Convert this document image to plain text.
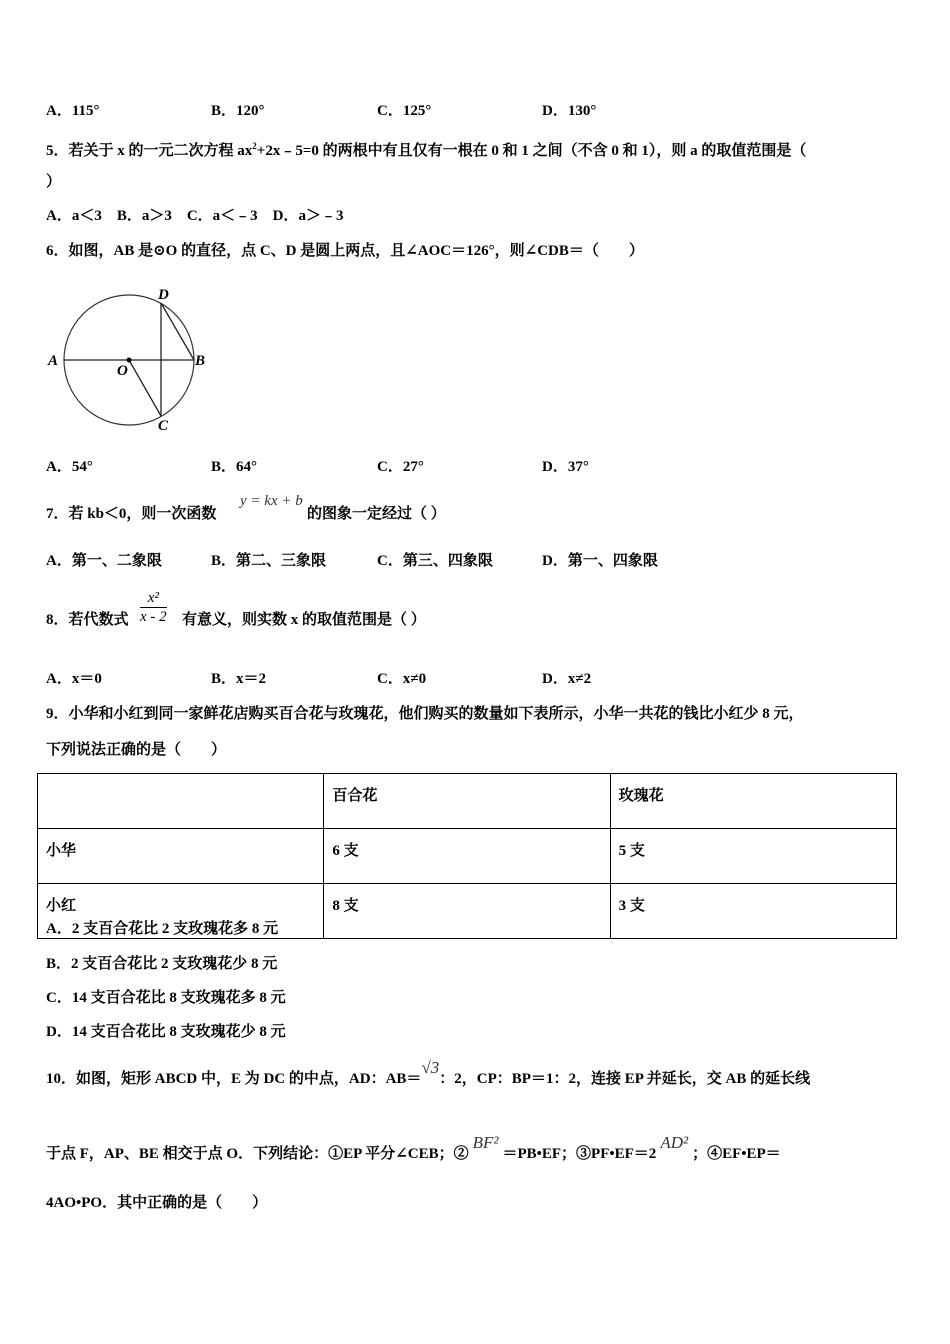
A．115°	B．120°	C．125°	D．130°
5．若关于 x 的一元二次方程 $ax^2+2x﹣5=0$ 的两根中有且仅有一根在 0 和 1 之间（不含 0 和 1），则 a 的取值范围是（
）
A．a＜3　B．a＞3　C．a＜﹣3　D．a＞﹣3
6．如图，AB 是⊙O 的直径，点 C、D 是圆上两点，且∠AOC＝126°，则∠CDB＝（　　）
A	B
C
D
O
A．54°	B．64°	C．27°	D．37°
7．若 kb＜0，则一次函数
y = kx + b
的图象一定经过（ ）
A．第一、二象限	B．第二、三象限	C．第三、四象限	D．第一、四象限
8．若代数式 $\frac{\text{x²}}{x - 2}$ 有意义，则实数 x 的取值范围是（ ）
A．x＝0	B．x＝2	C．x≠0	D．x≠2
9．小华和小红到同一家鲜花店购买百合花与玫瑰花，他们购买的数量如下表所示，小华一共花的钱比小红少 8 元，
下列说法正确的是（　　）
	百合花	玫瑰花
小华	6 支	5 支
小红	8 支	3 支
A．2 支百合花比 2 支玫瑰花多 8 元
B．2 支百合花比 2 支玫瑰花少 8 元
C．14 支百合花比 8 支玫瑰花多 8 元
D．14 支百合花比 8 支玫瑰花少 8 元
10．如图，矩形 ABCD 中，E 为 DC 的中点，AD：AB＝√3：2，CP：BP＝1：2，连接 EP 并延长，交 AB 的延长线
于点 F，AP、BE 相交于点 O．下列结论：①EP 平分∠CEB；②BF²＝PB•EF；③PF•EF＝2AD²；④EF•EP＝
4AO•PO．其中正确的是（　　）
